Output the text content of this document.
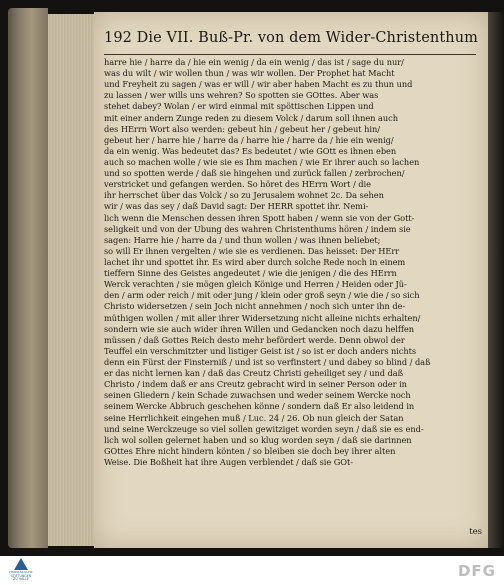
192 Die VII. Buß-Pr. von dem Wider-Christenthum
harre hie / harre da / hie ein wenig / da ein wenig / das ist / sage du nur/
was du wilt / wir wollen thun / was wir wollen. Der Prophet hat Macht
und Freyheit zu sagen / was er will / wir aber haben Macht es zu thun und
zu lassen / wer wills uns wehren? So spotten sie GOttes. Aber was
stehet dabey? Wolan / er wird einmal mit spöttischen Lippen und
mit einer andern Zunge reden zu diesem Volck / darum soll ihnen auch
des HErrn Wort also werden: gebeut hin / gebeut her / gebeut hin/
gebeut her / harre hie / harre da / harre hie / harre da / hie ein wenig/
da ein wenig. Was bedeutet das? Es bedeutet / wie GOtt es ihnen eben
auch so machen wolle / wie sie es Ihm machen / wie Er ihrer auch so lachen
und so spotten werde / daß sie hingehen und zurück fallen / zerbrochen/
verstricket und gefangen werden. So höret des HErrn Wort / die
ihr herrschet über das Volck / so zu Jerusalem wohnet 2c. Da sehen
wir / was das sey / daß David sagt: Der HERR spottet ihr. Nemi-
lich wenn die Menschen dessen ihren Spott haben / wenn sie von der Gott-
seligkeit und von der Ubung des wahren Christenthums hören / indem sie
sagen: Harre hie / harre da / und thun wollen / was ihnen beliebet;
so will Er ihnen vergelten / wie sie es verdienen. Das heisset: Der HErr
lachet ihr und spottet ihr. Es wird aber durch solche Rede noch in einem
tieffern Sinne des Geistes angedeutet / wie die jenigen / die des HErrn
Werck verachten / sie mögen gleich Könige und Herren / Heiden oder Jü-
den / arm oder reich / mit oder jung / klein oder groß seyn / wie die / so sich
Christo widersetzen / sein Joch nicht annehmen / noch sich unter ihn de-
müthigen wollen / mit aller ihrer Widersetzung nicht alleine nichts erhalten/
sondern wie sie auch wider ihren Willen und Gedancken noch dazu helffen
müssen / daß Gottes Reich desto mehr befördert werde. Denn obwol der
Teuffel ein verschmitzter und listiger Geist ist / so ist er doch anders nichts
denn ein Fürst der Finsterniß / und ist so verfinstert / und dabey so blind / daß
er das nicht lernen kan / daß das Creutz Christi geheiliget sey / und daß
Christo / indem daß er ans Creutz gebracht wird in seiner Person oder in
seinen Gliedern / kein Schade zuwachsen und weder seinem Wercke noch
seinem Wercke Abbruch geschehen könne / sondern daß Er also leidend in
seine Herrlichkeit eingehen muß / Luc. 24 / 26. Ob nun gleich der Satan
und seine Werckzeuge so viel sollen gewitziget worden seyn / daß sie es end-
lich wol sollen gelernet haben und so klug worden seyn / daß sie darinnen
GOttes Ehre nicht hindern könten / so bleiben sie doch bey ihrer alten
Weise. Die Boßheit hat ihre Augen verblendet / daß sie GOt-
tes
FRANCKESCHE
STIFTUNGEN
ZU HALLE	DFG
